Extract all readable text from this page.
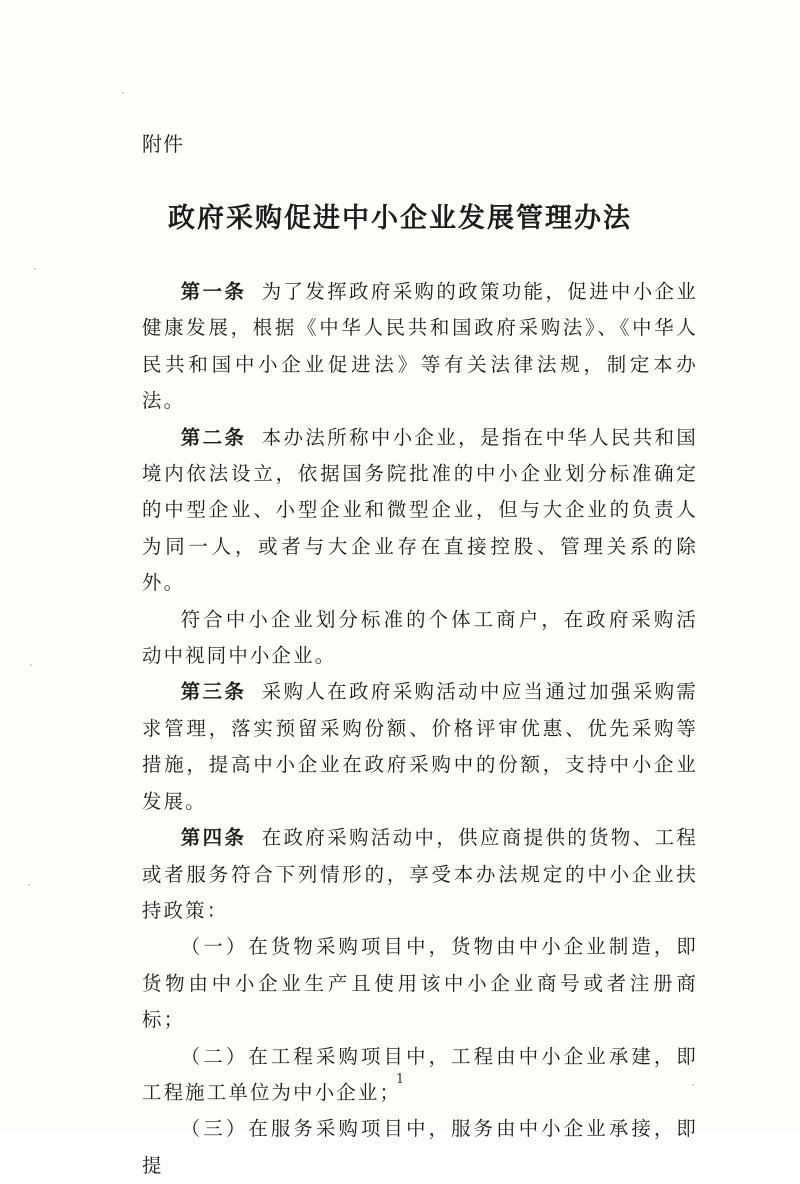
附件
政府采购促进中小企业发展管理办法

第一条 为了发挥政府采购的政策功能，促进中小企业健康发展，根据《中华人民共和国政府采购法》、《中华人民共和国中小企业促进法》等有关法律法规，制定本办法。

第二条 本办法所称中小企业，是指在中华人民共和国境内依法设立，依据国务院批准的中小企业划分标准确定的中型企业、小型企业和微型企业，但与大企业的负责人为同一人，或者与大企业存在直接控股、管理关系的除外。

符合中小企业划分标准的个体工商户，在政府采购活动中视同中小企业。

第三条 采购人在政府采购活动中应当通过加强采购需求管理，落实预留采购份额、价格评审优惠、优先采购等措施，提高中小企业在政府采购中的份额，支持中小企业发展。

第四条 在政府采购活动中，供应商提供的货物、工程或者服务符合下列情形的，享受本办法规定的中小企业扶持政策：

（一）在货物采购项目中，货物由中小企业制造，即货物由中小企业生产且使用该中小企业商号或者注册商标；

（二）在工程采购项目中，工程由中小企业承建，即工程施工单位为中小企业；

（三）在服务采购项目中，服务由中小企业承接，即提

1
